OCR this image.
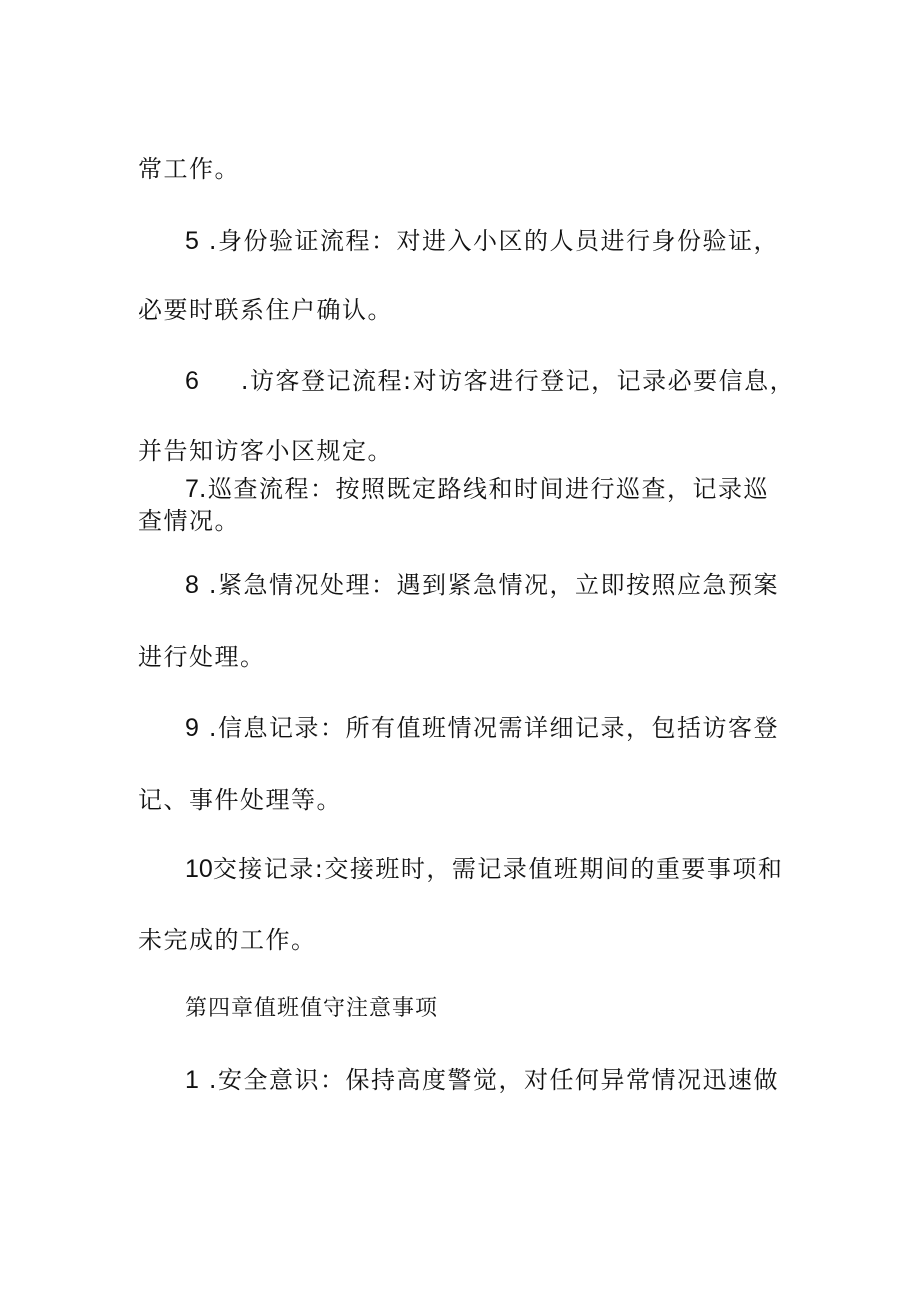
常工作。

5 .身份验证流程：对进入小区的人员进行身份验证，

必要时联系住户确认。

6 .访客登记流程:对访客进行登记，记录必要信息，

并告知访客小区规定。

7.巡查流程：按照既定路线和时间进行巡查，记录巡

查情况。

8 .紧急情况处理：遇到紧急情况，立即按照应急预案

进行处理。

9 .信息记录：所有值班情况需详细记录，包括访客登

记、事件处理等。

10交接记录:交接班时，需记录值班期间的重要事项和

未完成的工作。

第四章值班值守注意事项

1 .安全意识：保持高度警觉，对任何异常情况迅速做
